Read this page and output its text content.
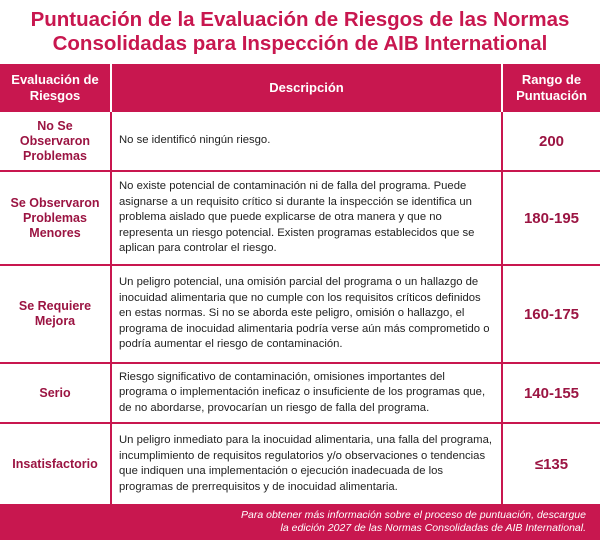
Puntuación de la Evaluación de Riesgos de las Normas
Consolidadas para Inspección de AIB International
Evaluación de Riesgos	Descripción	Rango de Puntuación
No Se Observaron Problemas	No se identificó ningún riesgo.	200
Se Observaron Problemas Menores	No existe potencial de contaminación ni de falla del programa. Puede asignarse a un requisito crítico si durante la inspección se identifica un problema aislado que puede explicarse de otra manera y que no representa un riesgo potencial. Existen programas establecidos que se aplican para controlar el riesgo.	180-195
Se Requiere Mejora	Un peligro potencial, una omisión parcial del programa o un hallazgo de inocuidad alimentaria que no cumple con los requisitos críticos definidos en estas normas. Si no se aborda este peligro, omisión o hallazgo, el programa de inocuidad alimentaria podría verse aún más comprometido o podría aumentar el riesgo de contaminación.	160-175
Serio	Riesgo significativo de contaminación, omisiones importantes del programa o implementación ineficaz o insuficiente de los programas que, de no abordarse, provocarían un riesgo de falla del programa.	140-155
Insatisfactorio	Un peligro inmediato para la inocuidad alimentaria, una falla del programa, incumplimiento de requisitos regulatorios y/o observaciones o tendencias que indiquen una implementación o ejecución inadecuada de los programas de prerrequisitos y de inocuidad alimentaria.	≤135
Para obtener más información sobre el proceso de puntuación, descargue
la edición 2027 de las Normas Consolidadas de AIB International.
